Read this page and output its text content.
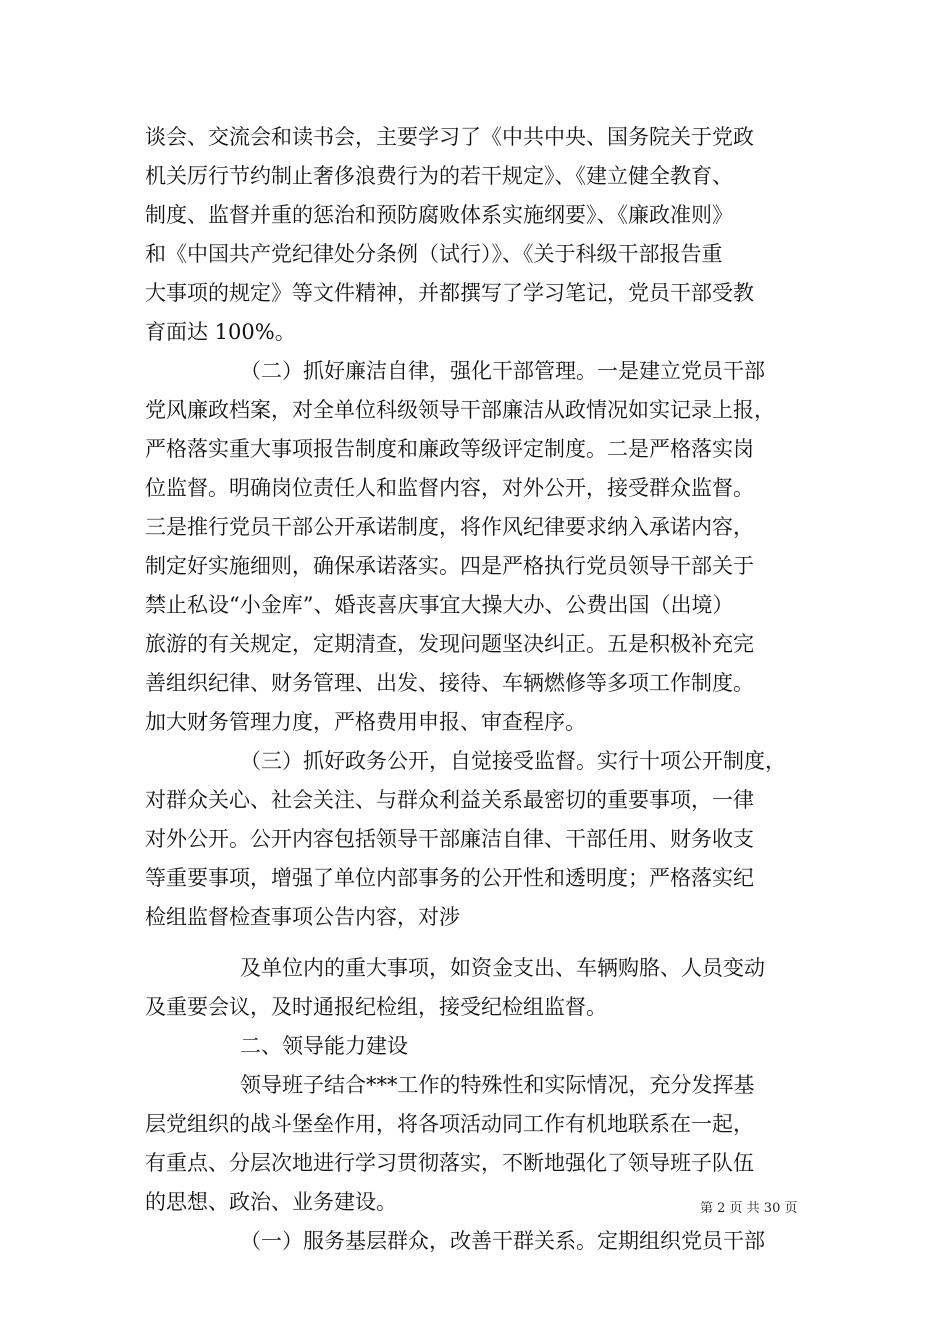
谈会、交流会和读书会，主要学习了《中共中央、国务院关于党政
机关厉行节约制止奢侈浪费行为的若干规定》、《建立健全教育、
制度、监督并重的惩治和预防腐败体系实施纲要》、《廉政准则》
和《中国共产党纪律处分条例（试行）》、《关于科级干部报告重
大事项的规定》等文件精神，并都撰写了学习笔记，党员干部受教
育面达 100%。
（二）抓好廉洁自律，强化干部管理。一是建立党员干部
党风廉政档案，对全单位科级领导干部廉洁从政情况如实记录上报，
严格落实重大事项报告制度和廉政等级评定制度。二是严格落实岗
位监督。明确岗位责任人和监督内容，对外公开，接受群众监督。
三是推行党员干部公开承诺制度，将作风纪律要求纳入承诺内容，
制定好实施细则，确保承诺落实。四是严格执行党员领导干部关于
禁止私设“小金库”、婚丧喜庆事宜大操大办、公费出国（出境）
旅游的有关规定，定期清查，发现问题坚决纠正。五是积极补充完
善组织纪律、财务管理、出发、接待、车辆燃修等多项工作制度。
加大财务管理力度，严格费用申报、审查程序。
（三）抓好政务公开，自觉接受监督。实行十项公开制度，
对群众关心、社会关注、与群众利益关系最密切的重要事项，一律
对外公开。公开内容包括领导干部廉洁自律、干部任用、财务收支
等重要事项，增强了单位内部事务的公开性和透明度；严格落实纪
检组监督检查事项公告内容，对涉
及单位内的重大事项，如资金支出、车辆购胳、人员变动
及重要会议，及时通报纪检组，接受纪检组监督。
二、领导能力建设
领导班子结合***工作的特殊性和实际情况，充分发挥基
层党组织的战斗堡垒作用，将各项活动同工作有机地联系在一起，
有重点、分层次地进行学习贯彻落实，不断地强化了领导班子队伍
的思想、政治、业务建设。
（一）服务基层群众，改善干群关系。定期组织党员干部
第 2 页 共 30 页
